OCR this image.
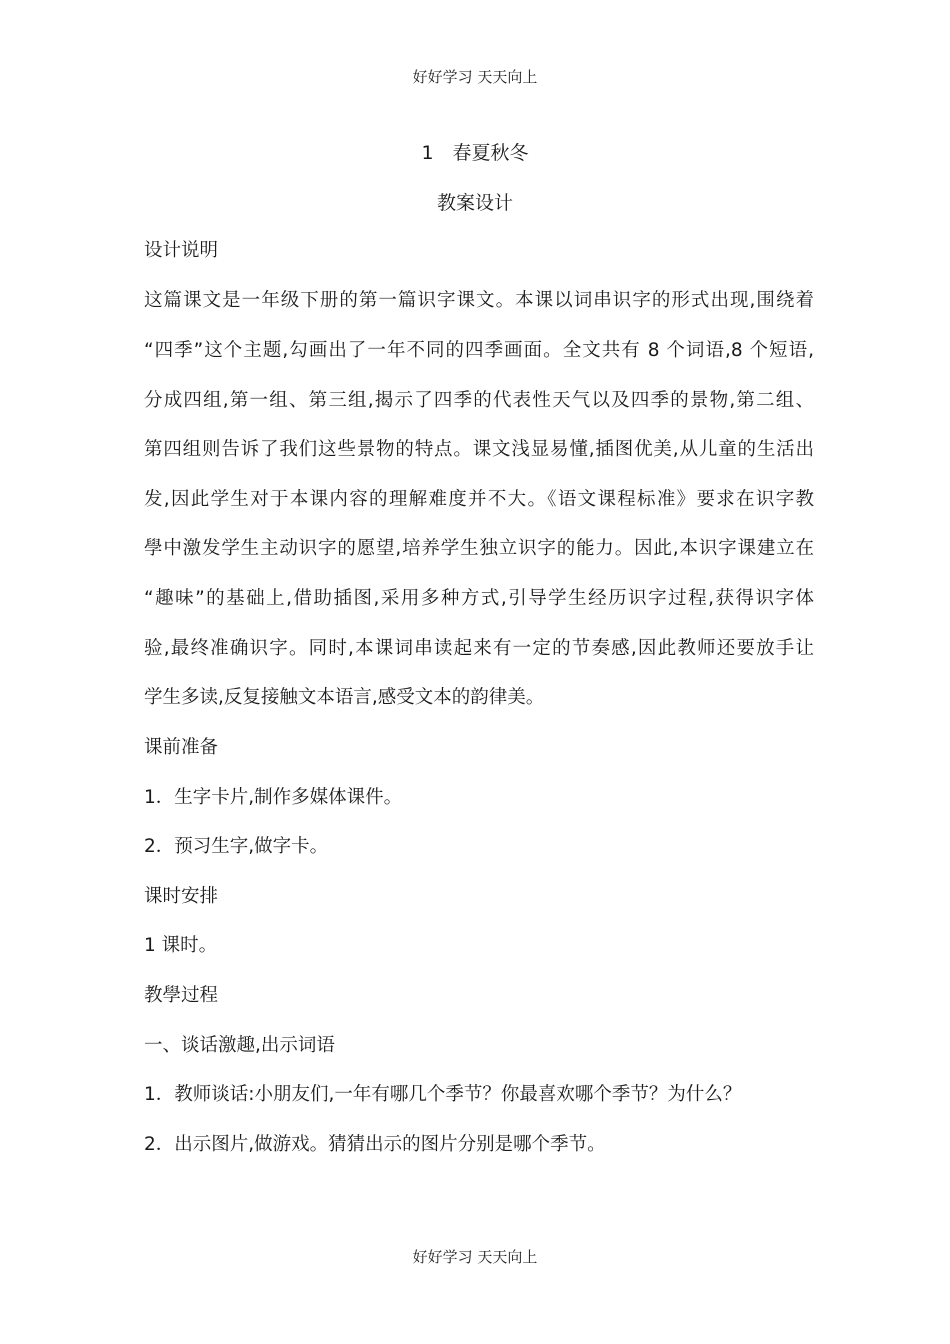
好好学习 天天向上
1　春夏秋冬
教案设计
设计说明
这篇课文是一年级下册的第一篇识字课文。本课以词串识字的形式出现,围绕着
“四季”这个主题,勾画出了一年不同的四季画面。全文共有 8 个词语,8 个短语,
分成四组,第一组、第三组,揭示了四季的代表性天气以及四季的景物,第二组、
第四组则告诉了我们这些景物的特点。课文浅显易懂,插图优美,从儿童的生活出
发,因此学生对于本课内容的理解难度并不大。《语文课程标准》要求在识字教
學中激发学生主动识字的愿望,培养学生独立识字的能力。因此,本识字课建立在
“趣味”的基础上,借助插图,采用多种方式,引导学生经历识字过程,获得识字体
验,最终准确识字。同时,本课词串读起来有一定的节奏感,因此教师还要放手让
学生多读,反复接触文本语言,感受文本的韵律美。
课前准备
1．生字卡片,制作多媒体课件。
2．预习生字,做字卡。
课时安排
1 课时。
教學过程
一、谈话激趣,出示词语
1．教师谈话:小朋友们,一年有哪几个季节？你最喜欢哪个季节？为什么？
2．出示图片,做游戏。猜猜出示的图片分别是哪个季节。
好好学习 天天向上
